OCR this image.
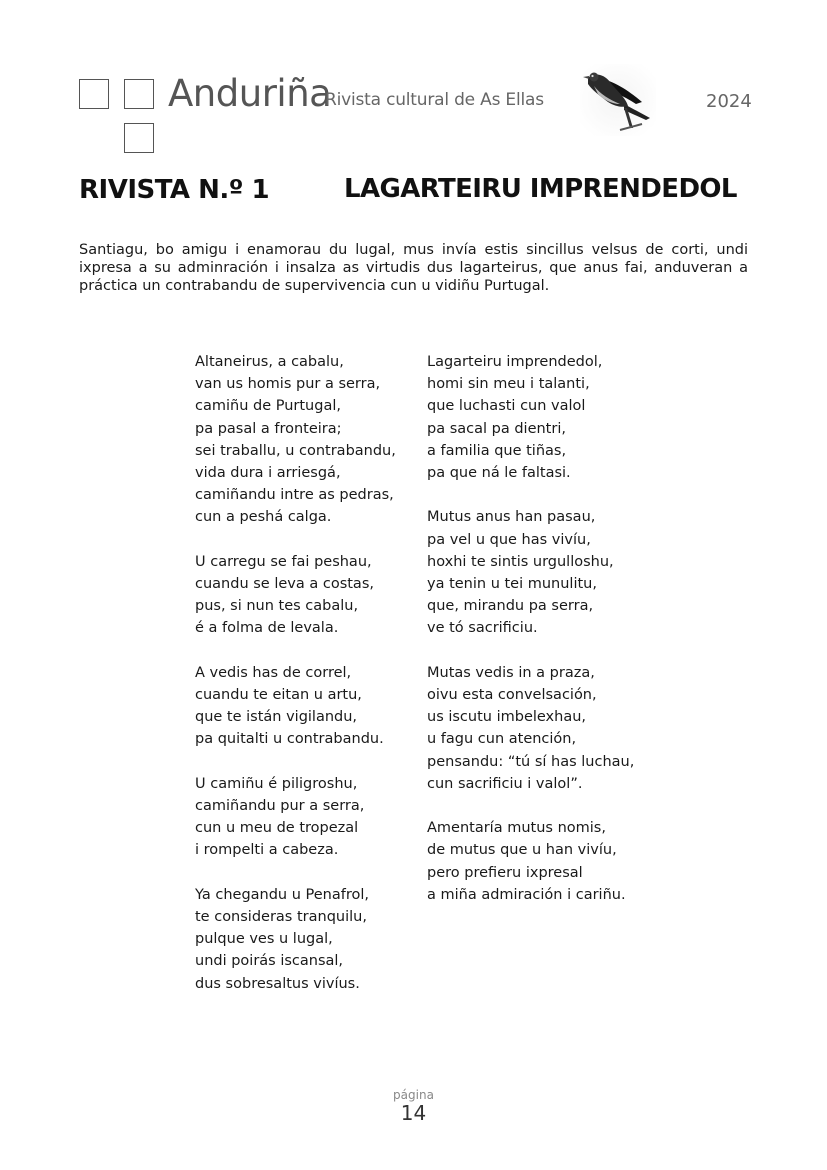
Anduriña
Rivista cultural de As Ellas	2024
RIVISTA N.º 1	LAGARTEIRU IMPRENDEDOL

Santiagu, bo amigu i enamorau du lugal, mus invía estis sincillus velsus de corti, undi ixpresa a su adminración i insalza as virtudis dus lagarteirus, que anus fai, anduveran a práctica un contrabandu de supervivencia cun u vidiñu Purtugal.

Altaneirus, a cabalu,
van us homis pur a serra,
camiñu de Purtugal,
pa pasal a fronteira;
sei traballu, u contrabandu,
vida dura i arriesgá,
camiñandu intre as pedras,
cun a peshá calga.
U carregu se fai peshau,
cuandu se leva a costas,
pus, si nun tes cabalu,
é a folma de levala.
A vedis has de correl,
cuandu te eitan u artu,
que te istán vigilandu,
pa quitalti u contrabandu.
U camiñu é piligroshu,
camiñandu pur a serra,
cun u meu de tropezal
i rompelti a cabeza.
Ya chegandu u Penafrol,
te consideras tranquilu,
pulque ves u lugal,
undi poirás iscansal,
dus sobresaltus vivíus.
Lagarteiru imprendedol,
homi sin meu i talanti,
que luchasti cun valol
pa sacal pa dientri,
a familia que tiñas,
pa que ná le faltasi.
Mutus anus han pasau,
pa vel u que has vivíu,
hoxhi te sintis urgulloshu,
ya tenin u tei munulitu,
que, mirandu pa serra,
ve tó sacrificiu.
Mutas vedis in a praza,
oivu esta convelsación,
us iscutu imbelexhau,
u fagu cun atención,
pensandu: “tú sí has luchau,
cun sacrificiu i valol”.
Amentaría mutus nomis,
de mutus que u han vivíu,
pero prefieru ixpresal
a miña admiración i cariñu.
página
14
